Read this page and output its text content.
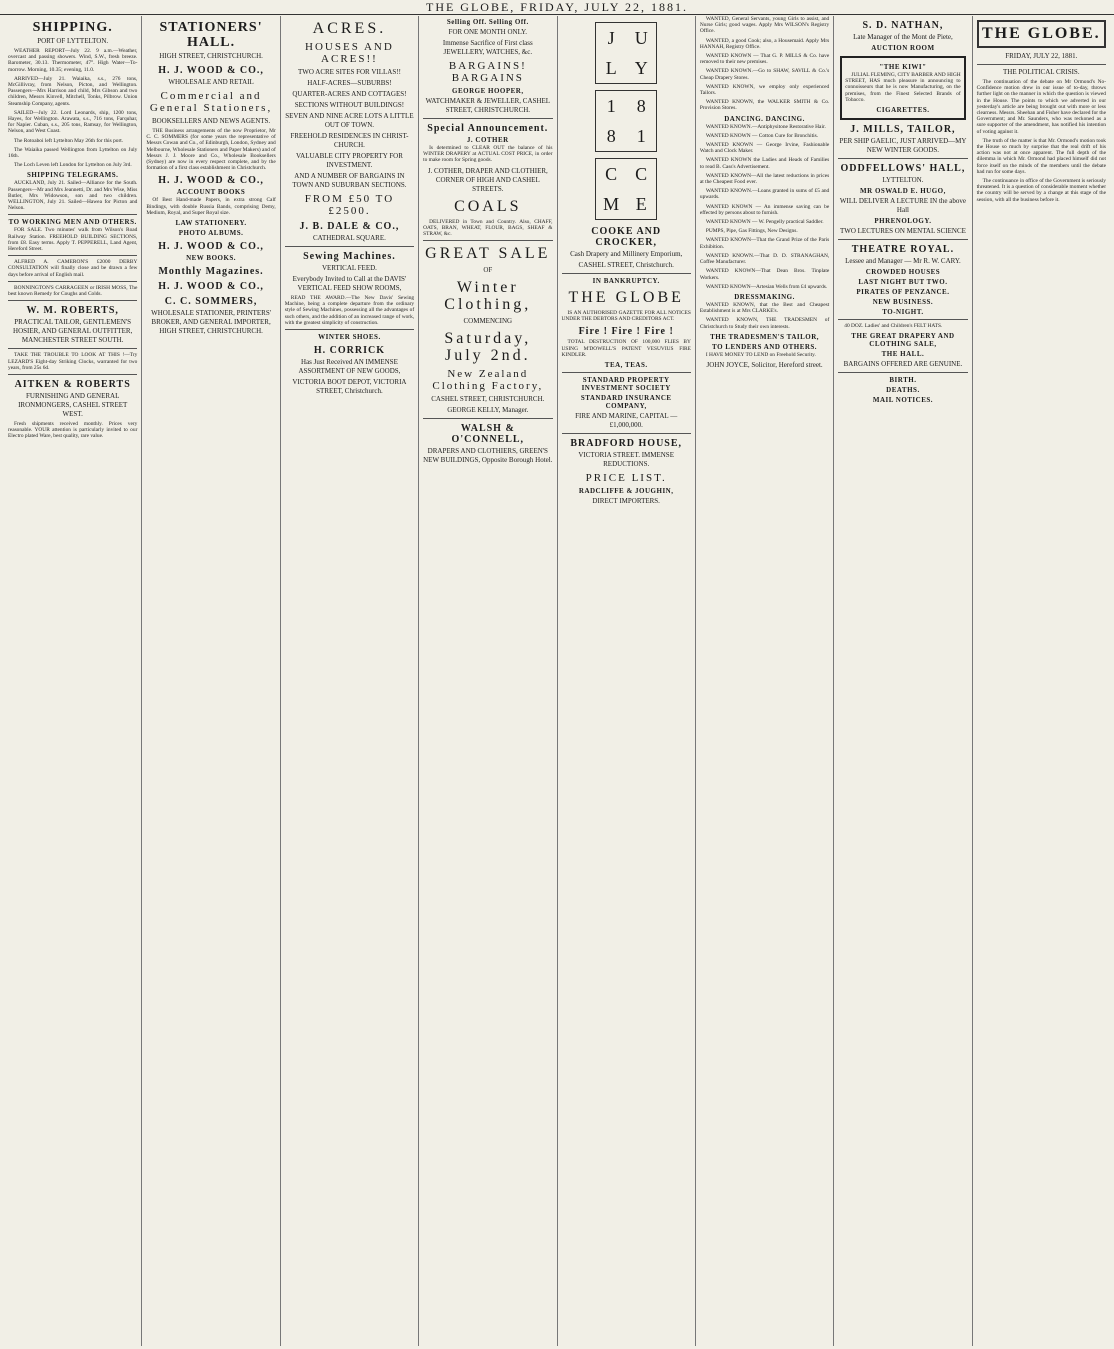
THE GLOBE, FRIDAY, JULY 22, 1881.
SHIPPING.
PORT OF LYTTELTON.

WEATHER REPORT—July 22. 9 a.m.—Weather, overcast and passing showers. Wind, S.W., fresh breeze. Barometer, 30.13. Thermometer, 47°. High Water—To-morrow. Morning, 10.35; evening, 11.0.

ARRIVED—July 21. Waiaika, s.s., 276 tons, McGillivray, from Nelson, Picton, and Wellington. Passengers—Mrs Harrison and child, Mrs Gibson and two children, Messrs Kinvell, Mitchell, Tonks, Pilbrow. Union Steamship Company, agents.

SAILED—July 22. Lord Leonards, ship, 1200 tons, Hayes, for Wellington. Arawata, s.s., 716 tons, Farquhar, for Napier. Cuban, s.s., 205 tons, Ramsay, for Wellington, Nelson, and West Coast.

The Rotoaboi left Lyttelton May 26th for this port.

The Waiaika passed Wellington from Lyttelton on July 16th.

The Loch Leven left London for Lyttelton on July 3rd.

SHIPPING TELEGRAMS.

AUCKLAND, July 21. Sailed—Alliance for the South. Passengers—Mr and Mrs Jeannetti, Dr. and Mrs Wise, Miss Butler, Mrs Widowson, son and two children. WELLINGTON, July 21. Sailed—Hawea for Picton and Nelson.

TO WORKING MEN AND OTHERS.

FOR SALE. Two minutes' walk from Wilson's Road Railway Station. FREEHOLD BUILDING SECTIONS, from £8. Easy terms. Apply T. PEPPERELL, Land Agent, Hereford Street.

ALFRED A. CAMERON'S £2000 DERBY CONSULTATION will finally close and be drawn a few days before arrival of English mail.

BONNINGTON'S CARRAGEEN or IRISH MOSS, The best known Remedy for Coughs and Colds.

W. M. ROBERTS,
PRACTICAL TAILOR, GENTLEMEN'S HOSIER, AND GENERAL OUTFITTER, MANCHESTER STREET SOUTH.

TAKE THE TROUBLE TO LOOK AT THIS !—Try LEZARD'S Eight-day Striking Clocks, warranted for two years, from 25s 6d.

AITKEN & ROBERTS
FURNISHING AND GENERAL IRONMONGERS, CASHEL STREET WEST.

Fresh shipments received monthly. Prices very reasonable. YOUR attention is particularly invited to our Electro plated Ware, best quality, rare value.

STATIONERS' HALL.
HIGH STREET, CHRISTCHURCH.
H. J. WOOD & CO.,
WHOLESALE AND RETAIL
Commercial and General Stationers,
BOOKSELLERS AND NEWS AGENTS.

THE Business arrangements of the now Proprietor, Mr C. C. SOMMERS (for some years the representative of Messrs Cowan and Co., of Edinburgh, London, Sydney and Melbourne, Wholesale Stationers and Paper Makers) and of Messrs J. J. Moore and Co., Wholesale Booksellers (Sydney) are now in every respect complete, and by the formation of a first class establishment in Christchurch.

H. J. WOOD & CO.,
ACCOUNT BOOKS

Of Best Hand-made Papers, in extra strong Calf Bindings, with double Russia Bands, comprising Demy, Medium, Royal, and Super Royal size.

LAW STATIONERY.
PHOTO ALBUMS.
H. J. WOOD & CO.,
NEW BOOKS.
Monthly Magazines.
H. J. WOOD & CO.,
C. C. SOMMERS,
WHOLESALE STATIONER, PRINTERS' BROKER, AND GENERAL IMPORTER, HIGH STREET, CHRISTCHURCH.
ACRES.
HOUSES AND ACRES!!
TWO ACRE SITES FOR VILLAS!!
HALF-ACRES—SUBURBS!
QUARTER-ACRES AND COTTAGES!
SECTIONS WITHOUT BUILDINGS!
SEVEN AND NINE ACRE LOTS A LITTLE OUT OF TOWN.
FREEHOLD RESIDENCES IN CHRIST-CHURCH.
VALUABLE CITY PROPERTY FOR INVESTMENT.
AND A NUMBER OF BARGAINS IN TOWN AND SUBURBAN SECTIONS.
FROM £50 TO £2500.
J. B. DALE & CO.,
CATHEDRAL SQUARE.
Sewing Machines.
VERTICAL FEED.
Everybody Invited to Call at the DAVIS' VERTICAL FEED SHOW ROOMS,

READ THE AWARD.—The New Davis' Sewing Machine, being a complete departure from the ordinary style of Sewing Machines, possessing all the advantages of such others, and the addition of an increased range of work, with the greatest simplicity of construction.

WINTER SHOES.
H. CORRICK
Has Just Received AN IMMENSE ASSORTMENT OF NEW GOODS,
VICTORIA BOOT DEPOT, VICTORIA STREET, Christchurch.
Selling Off. Selling Off.
FOR ONE MONTH ONLY.
Immense Sacrifice of First class JEWELLERY, WATCHES, &c.
BARGAINS! BARGAINS
GEORGE HOOPER,
WATCHMAKER & JEWELLER, CASHEL STREET, CHRISTCHURCH.
Special Announcement.
J. COTHER

Is determined to CLEAR OUT the balance of his WINTER DRAPERY at ACTUAL COST PRICE, in order to make room for Spring goods.

J. COTHER, DRAPER AND CLOTHIER, CORNER OF HIGH AND CASHEL STREETS.
COALS

DELIVERED in Town and Country. Also, CHAFF, OATS, BRAN, WHEAT, FLOUR, BAGS, SHEAF & STRAW, &c.

GREAT SALE
OF
Winter Clothing,
COMMENCING
Saturday, July 2nd.
New Zealand Clothing Factory,
CASHEL STREET, CHRISTCHURCH.
GEORGE KELLY, Manager.
WALSH & O'CONNELL,
DRAPERS AND CLOTHIERS, GREEN'S NEW BUILDINGS, Opposite Borough Hotel.
J	U
L	Y
1	8
8	1
C C
M E
COOKE AND CROCKER,
Cash Drapery and Millinery Emporium,
CASHEL STREET, Christchurch.
IN BANKRUPTCY.
THE GLOBE

IS AN AUTHORISED GAZETTE FOR ALL NOTICES UNDER THE DEBTORS AND CREDITORS ACT.

Fire ! Fire ! Fire !

TOTAL DESTRUCTION OF 100,000 FLIES BY USING M'DOWELL'S PATENT VESUVIUS FIRE KINDLER.

TEA, TEAS.
STANDARD PROPERTY INVESTMENT SOCIETY
STANDARD INSURANCE COMPANY,
FIRE AND MARINE, CAPITAL — £1,000,000.
BRADFORD HOUSE,
VICTORIA STREET. IMMENSE REDUCTIONS.
PRICE LIST.
RADCLIFFE & JOUGHIN,
DIRECT IMPORTERS.

WANTED, General Servants, young Girls to assist, and Nurse Girls; good wages. Apply Mrs WILSON's Registry Office.

WANTED, a good Cook; also, a Housemaid. Apply Mrs HANNAH, Registry Office.

WANTED KNOWN — That G. P. MILLS & Co. have removed to their new premises.

WANTED KNOWN.—Go to SHAW, SAVILL & Co.'s Cheap Drapery Stores.

WANTED KNOWN, we employ only experienced Tailors.

WANTED KNOWN, the WALKER SMITH & Co. Provision Stores.

DANCING. DANCING.

WANTED KNOWN.—Antiphysitone Restorative Hair.

WANTED KNOWN — Cotton Cure for Bronchitis.

WANTED KNOWN — George Irvine, Fashionable Watch and Clock Maker.

WANTED KNOWN the Ladies and Heads of Families to read B. Cass's Advertisement.

WANTED KNOWN—All the latest reductions in prices at the Cheapest Food ever.

WANTED KNOWN.—Loans granted in sums of £5 and upwards.

WANTED KNOWN — An immense saving can be effected by persons about to furnish.

WANTED KNOWN — W. Pengelly practical Saddler.

PUMPS, Pipe, Gas Fittings, New Designs.

WANTED KNOWN—That the Grand Prize of the Paris Exhibition.

WANTED KNOWN.—That D. D. STRANAGHAN, Coffee Manufacturer.

WANTED KNOWN—That Dean Bros. Tinplate Workers.

WANTED KNOWN—Artesian Wells from £4 upwards.

DRESSMAKING.

WANTED KNOWN, that the Best and Cheapest Establishment is at Mrs CLARKE's.

WANTED KNOWN, THE TRADESMEN of Christchurch to Study their own interests.

THE TRADESMEN'S TAILOR,
TO LENDERS AND OTHERS.

I HAVE MONEY TO LEND on Freehold Security.

JOHN JOYCE, Solicitor, Hereford street.
S. D. NATHAN,
Late Manager of the Mont de Piete,
AUCTION ROOM
"THE KIWI"

JULIAL FLEMING, CITY BARBER AND HIGH STREET, HAS much pleasure in announcing to connoisseurs that he is now Manufacturing, on the premises, from the Finest Selected Brands of Tobacco.

CIGARETTES.
J. MILLS, TAILOR,
PER SHIP GAELIC, JUST ARRIVED—MY NEW WINTER GOODS.
ODDFELLOWS' HALL,
LYTTELTON.
MR OSWALD E. HUGO,
WILL DELIVER A LECTURE IN the above Hall
PHRENOLOGY.
TWO LECTURES ON MENTAL SCIENCE
THEATRE ROYAL.
Lessee and Manager — Mr R. W. CARY.
CROWDED HOUSES
LAST NIGHT BUT TWO.
PIRATES OF PENZANCE.
NEW BUSINESS.
TO-NIGHT.

40 DOZ. Ladies' and Children's FELT HATS.

THE GREAT DRAPERY AND CLOTHING SALE,
THE HALL.
BARGAINS OFFERED ARE GENUINE.
BIRTH.
DEATHS.
MAIL NOTICES.
THE GLOBE.
FRIDAY, JULY 22, 1881.
THE POLITICAL CRISIS.

The continuation of the debate on Mr Ormond's No-Confidence motion drew in our issue of to-day, throws further light on the manner in which the question is viewed in the House. The points to which we adverted in our yesterday's article are being brought out with more or less clearness. Messrs. Sheehan and Fisher have declared for the Government; and Mr. Saunders, who was reckoned as a sure supporter of the amendment, has notified his intention of voting against it.

The truth of the matter is that Mr. Ormond's motion took the House so much by surprise that the real drift of his action was not at once apparent. The full depth of the dilemma in which Mr. Ormond had placed himself did not force itself on the minds of the members until the debate had run for some days.

The continuance in office of the Government is seriously threatened. It is a question of considerable moment whether the country will be served by a change at this stage of the session, with all the business before it.
